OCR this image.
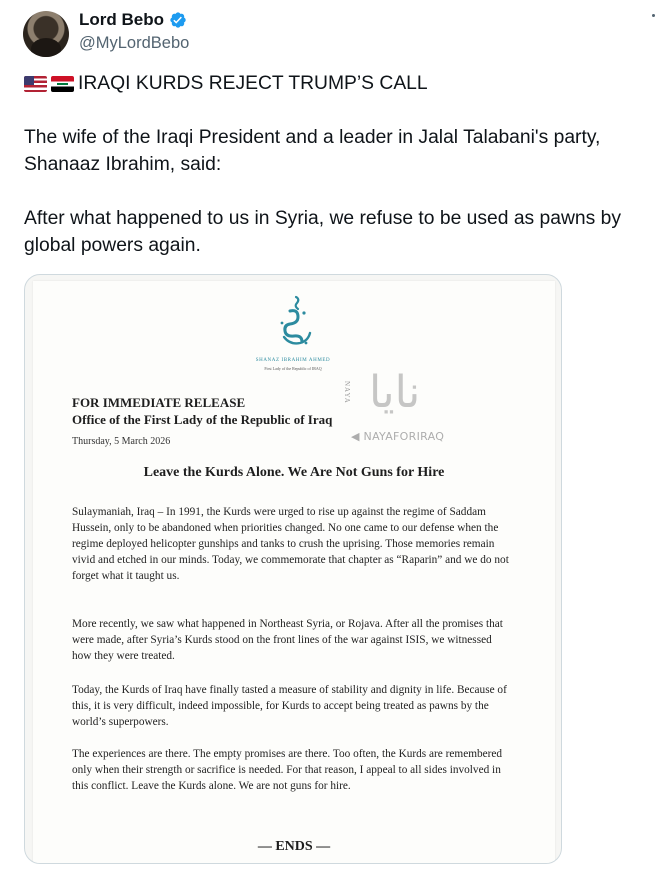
Lord Bebo
@MyLordBebo

IRAQI KURDS REJECT TRUMP’S CALL

The wife of the Iraqi President and a leader in Jalal Talabani's party, Shanaaz Ibrahim, said:

After what happened to us in Syria, we refuse to be used as pawns by global powers again.

SHANAZ IBRAHIM AHMED
First Lady of the Republic of IRAQ	نايا
NAYA
◀ NAYAFORIRAQ
FOR IMMEDIATE RELEASE
Office of the First Lady of the Republic of Iraq
Thursday, 5 March 2026
Leave the Kurds Alone. We Are Not Guns for Hire

Sulaymaniah, Iraq – In 1991, the Kurds were urged to rise up against the regime of Saddam Hussein, only to be abandoned when priorities changed. No one came to our defense when the regime deployed helicopter gunships and tanks to crush the uprising. Those memories remain vivid and etched in our minds. Today, we commemorate that chapter as “Raparin” and we do not forget what it taught us.

More recently, we saw what happened in Northeast Syria, or Rojava. After all the promises that were made, after Syria’s Kurds stood on the front lines of the war against ISIS, we witnessed how they were treated.

Today, the Kurds of Iraq have finally tasted a measure of stability and dignity in life. Because of this, it is very difficult, indeed impossible, for Kurds to accept being treated as pawns by the world’s superpowers.

The experiences are there. The empty promises are there. Too often, the Kurds are remembered only when their strength or sacrifice is needed. For that reason, I appeal to all sides involved in this conflict. Leave the Kurds alone. We are not guns for hire.

— ENDS —
